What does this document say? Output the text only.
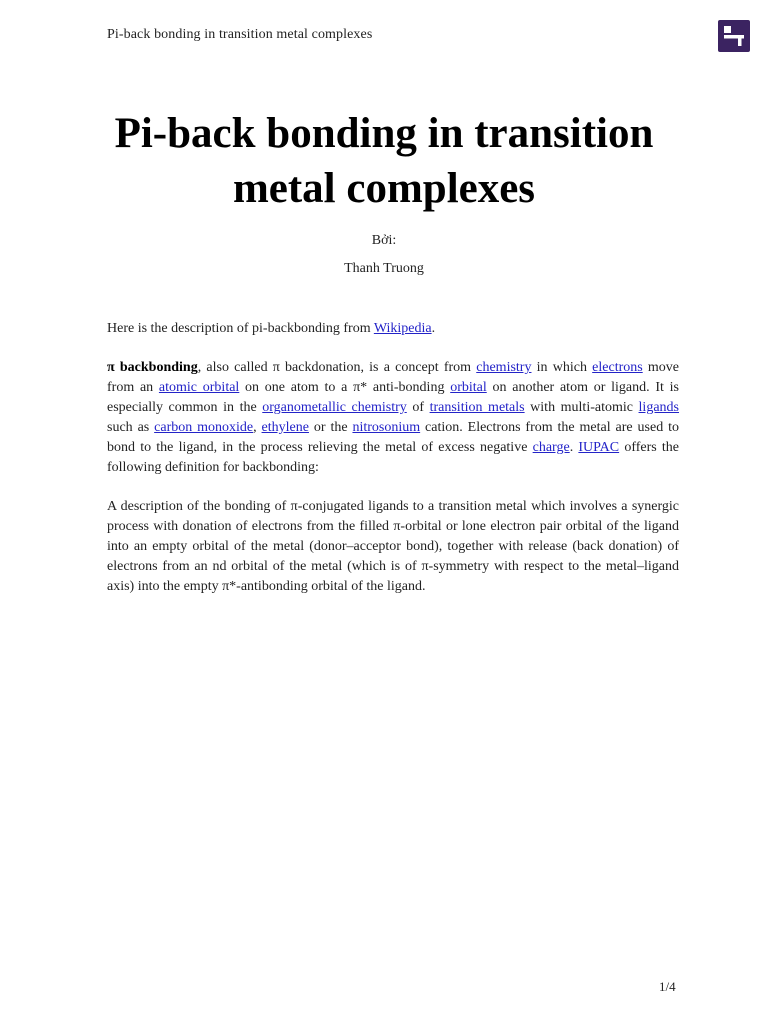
Pi-back bonding in transition metal complexes
Pi-back bonding in transition metal complexes
Bởi:
Thanh Truong

Here is the description of pi-backbonding from Wikipedia.

π backbonding, also called π backdonation, is a concept from chemistry in which electrons move from an atomic orbital on one atom to a π* anti-bonding orbital on another atom or ligand. It is especially common in the organometallic chemistry of transition metals with multi-atomic ligands such as carbon monoxide, ethylene or the nitrosonium cation. Electrons from the metal are used to bond to the ligand, in the process relieving the metal of excess negative charge. IUPAC offers the following definition for backbonding:

A description of the bonding of π-conjugated ligands to a transition metal which involves a synergic process with donation of electrons from the filled π-orbital or lone electron pair orbital of the ligand into an empty orbital of the metal (donor–acceptor bond), together with release (back donation) of electrons from an nd orbital of the metal (which is of π-symmetry with respect to the metal–ligand axis) into the empty π*-antibonding orbital of the ligand.

1/4
